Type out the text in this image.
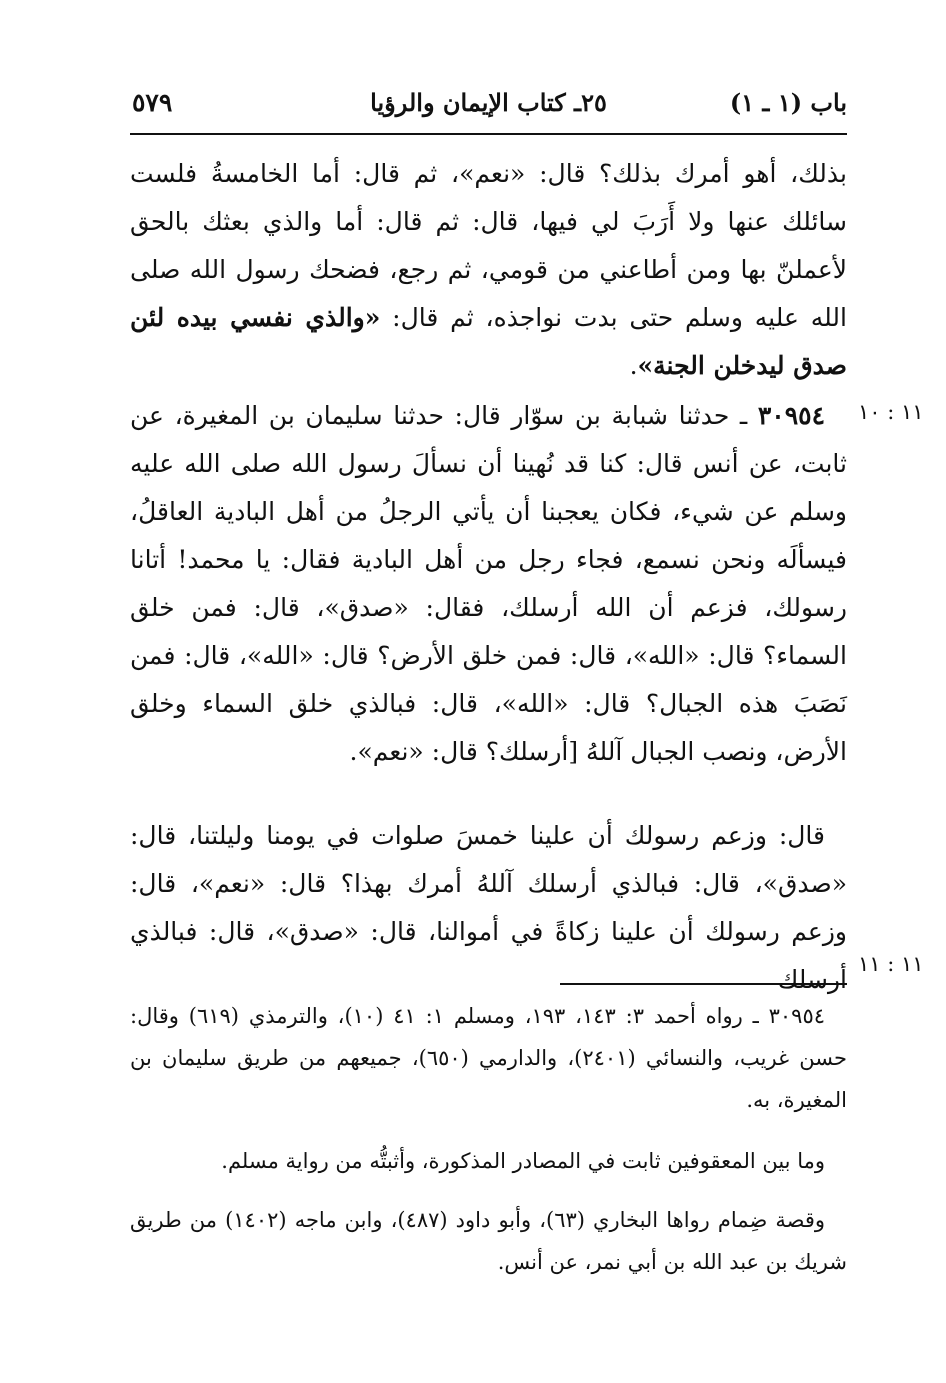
باب (١ ـ ١)
٢٥ـ كتاب الإيمان والرؤيا
٥٧٩

بذلك، أهو أمرك بذلك؟ قال: «نعم»، ثم قال: أما الخامسةُ فلست سائلك عنها ولا أَرَبَ لي فيها، قال: ثم قال: أما والذي بعثك بالحق لأعملنّ بها ومن أطاعني من قومي، ثم رجع، فضحك رسول الله صلى الله عليه وسلم حتى بدت نواجذه، ثم قال: «والذي نفسي بيده لئن صدق ليدخلن الجنة».

١١ : ١٠

٣٠٩٥٤ ـ حدثنا شبابة بن سوّار قال: حدثنا سليمان بن المغيرة، عن ثابت، عن أنس قال: كنا قد نُهينا أن نسألَ رسول الله صلى الله عليه وسلم عن شيء، فكان يعجبنا أن يأتي الرجلُ من أهل البادية العاقلُ، فيسألَه ونحن نسمع، فجاء رجل من أهل البادية فقال: يا محمد! أتانا رسولك، فزعم أن الله أرسلك، فقال: «صدق»، قال: فمن خلق السماء؟ قال: «الله»، قال: فمن خلق الأرض؟ قال: «الله»، قال: فمن نَصَبَ هذه الجبال؟ قال: «الله»، قال: فبالذي خلق السماء وخلق الأرض، ونصب الجبال آللهُ [أرسلك؟ قال: «نعم».

قال: وزعم رسولك أن علينا خمسَ صلوات في يومنا وليلتنا، قال: «صدق»، قال: فبالذي أرسلك آللهُ أمرك بهذا؟ قال: «نعم»، قال: وزعم رسولك أن علينا زكاةً في أموالنا، قال: «صدق»، قال: فبالذي أرسلك

١١ : ١١

٣٠٩٥٤ ـ رواه أحمد ٣: ١٤٣، ١٩٣، ومسلم ١: ٤١ (١٠)، والترمذي (٦١٩) وقال: حسن غريب، والنسائي (٢٤٠١)، والدارمي (٦٥٠)، جميعهم من طريق سليمان بن المغيرة، به.

وما بين المعقوفين ثابت في المصادر المذكورة، وأثبتُّه من رواية مسلم.

وقصة ضِمام رواها البخاري (٦٣)، وأبو داود (٤٨٧)، وابن ماجه (١٤٠٢) من طريق شريك بن عبد الله بن أبي نمر، عن أنس.
